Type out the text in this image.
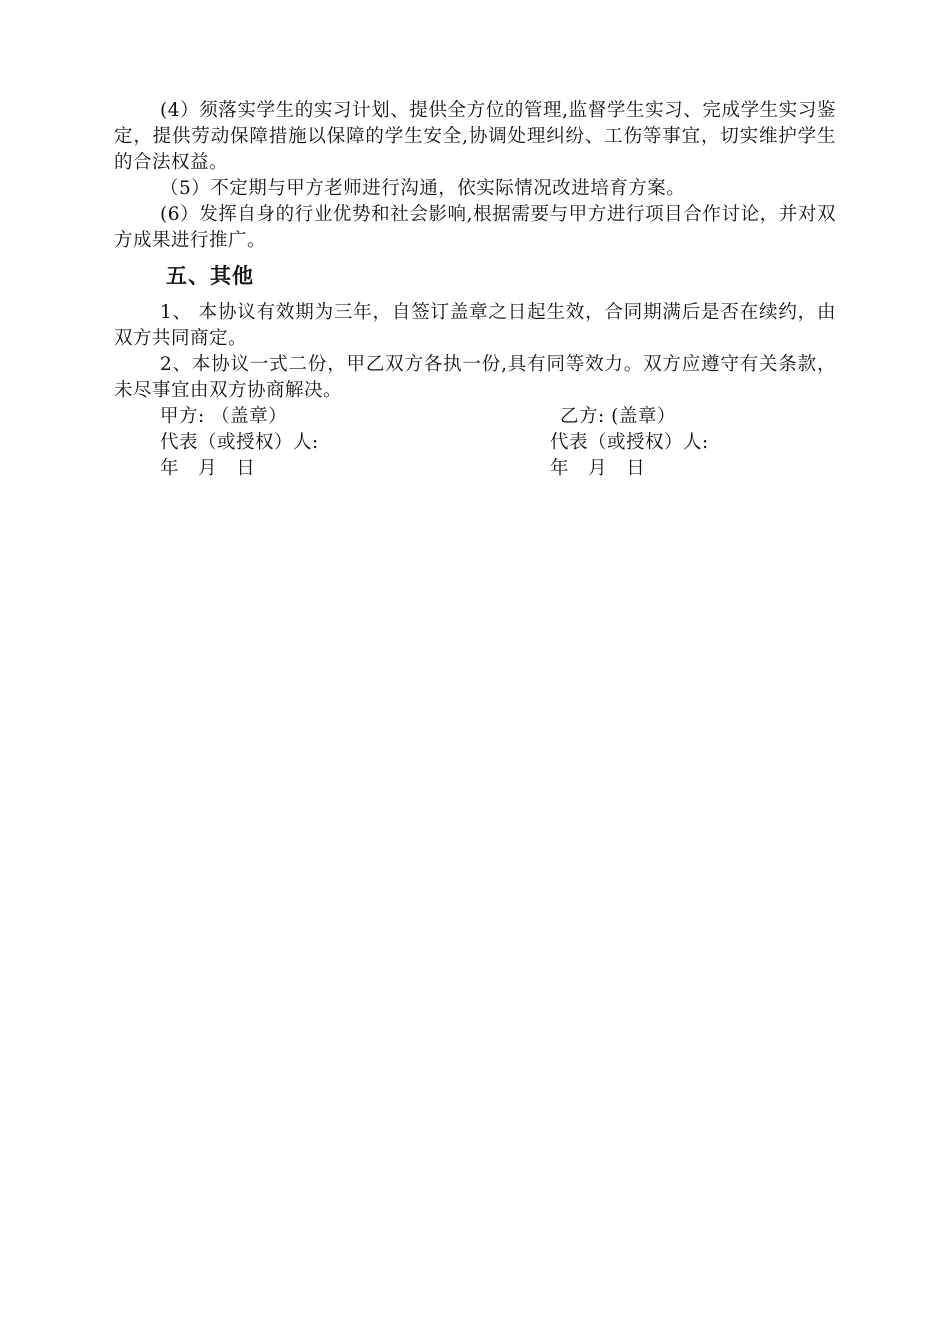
(4）须落实学生的实习计划、提供全方位的管理,监督学生实习、完成学生实习鉴定，提供劳动保障措施以保障的学生安全,协调处理纠纷、工伤等事宜，切实维护学生的合法权益。

（5）不定期与甲方老师进行沟通，依实际情况改进培育方案。

(6）发挥自身的行业优势和社会影响,根据需要与甲方进行项目合作讨论，并对双方成果进行推广。

五、其他

1、 本协议有效期为三年，自签订盖章之日起生效，合同期满后是否在续约，由双方共同商定。

2、本协议一式二份，甲乙双方各执一份,具有同等效力。双方应遵守有关条款，未尽事宜由双方协商解决。

甲方: （盖章）	乙方: (盖章）
代表（或授权）人:	代表（或授权）人:
年   月   日	年   月   日
